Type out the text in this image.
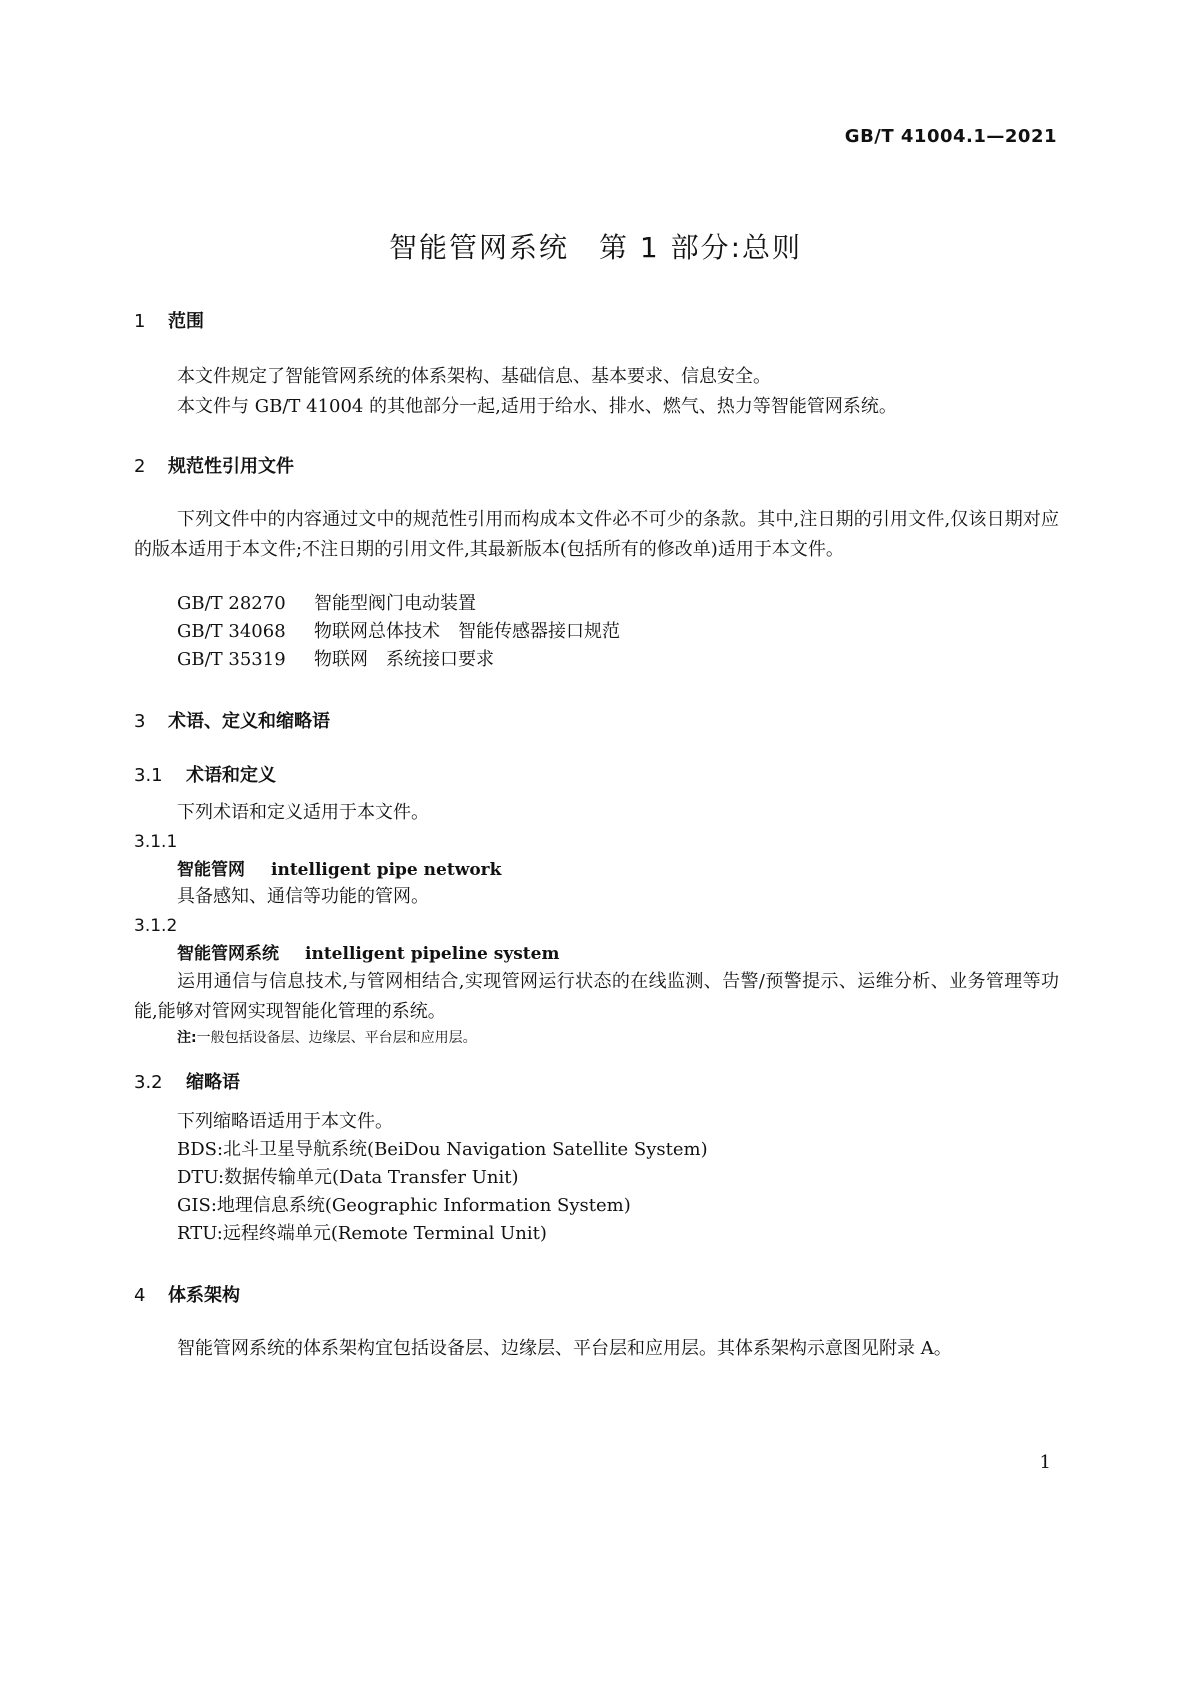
GB/T 41004.1—2021
智能管网系统　第 1 部分:总则
1 范围

本文件规定了智能管网系统的体系架构、基础信息、基本要求、信息安全。

本文件与 GB/T 41004 的其他部分一起,适用于给水、排水、燃气、热力等智能管网系统。

2 规范性引用文件

下列文件中的内容通过文中的规范性引用而构成本文件必不可少的条款。其中,注日期的引用文件,仅该日期对应的版本适用于本文件;不注日期的引用文件,其最新版本(包括所有的修改单)适用于本文件。

GB/T 28270 智能型阀门电动装置
GB/T 34068 物联网总体技术　智能传感器接口规范
GB/T 35319 物联网　系统接口要求
3 术语、定义和缩略语
3.1 术语和定义

下列术语和定义适用于本文件。

3.1.1
智能管网 intelligent pipe network

具备感知、通信等功能的管网。

3.1.2
智能管网系统 intelligent pipeline system

运用通信与信息技术,与管网相结合,实现管网运行状态的在线监测、告警/预警提示、运维分析、业务管理等功能,能够对管网实现智能化管理的系统。

注:一般包括设备层、边缘层、平台层和应用层。
3.2 缩略语

下列缩略语适用于本文件。

BDS:北斗卫星导航系统(BeiDou Navigation Satellite System)
DTU:数据传输单元(Data Transfer Unit)
GIS:地理信息系统(Geographic Information System)
RTU:远程终端单元(Remote Terminal Unit)
4 体系架构

智能管网系统的体系架构宜包括设备层、边缘层、平台层和应用层。其体系架构示意图见附录 A。

1
